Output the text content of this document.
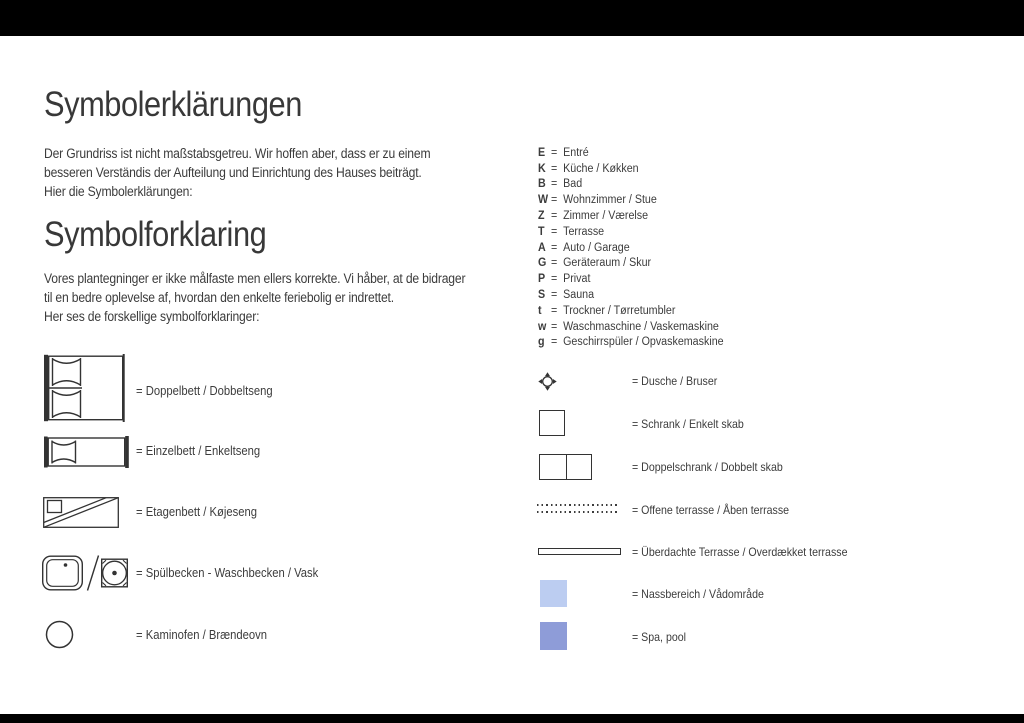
Symbolerklärungen
Der Grundriss ist nicht maßstabsgetreu. Wir hoffen aber, dass er zu einem
besseren Verständis der Aufteilung und Einrichtung des Hauses beiträgt.
Hier die Symbolerklärungen:
Symbolforklaring
Vores plantegninger er ikke målfaste men ellers korrekte. Vi håber, at de bidrager
til en bedre oplevelse af, hvordan den enkelte feriebolig er indrettet.
Her ses de forskellige symbolforklaringer:
= Doppelbett / Dobbeltseng
= Einzelbett / Enkeltseng
= Etagenbett / Køjeseng
= Spülbecken - Waschbecken / Vask
= Kaminofen / Brændeovn
E = Entré
K = Küche / Køkken
B = Bad
W = Wohnzimmer / Stue
Z = Zimmer / Værelse
T = Terrasse
A = Auto / Garage
G = Geräteraum / Skur
P = Privat
S = Sauna
t = Trockner / Tørretumbler
w = Waschmaschine / Vaskemaskine
g = Geschirrspüler / Opvaskemaskine
= Dusche / Bruser
= Schrank / Enkelt skab
= Doppelschrank / Dobbelt skab
= Offene terrasse / Åben terrasse
= Überdachte Terrasse / Overdækket terrasse
= Nassbereich / Vådområde
= Spa, pool
